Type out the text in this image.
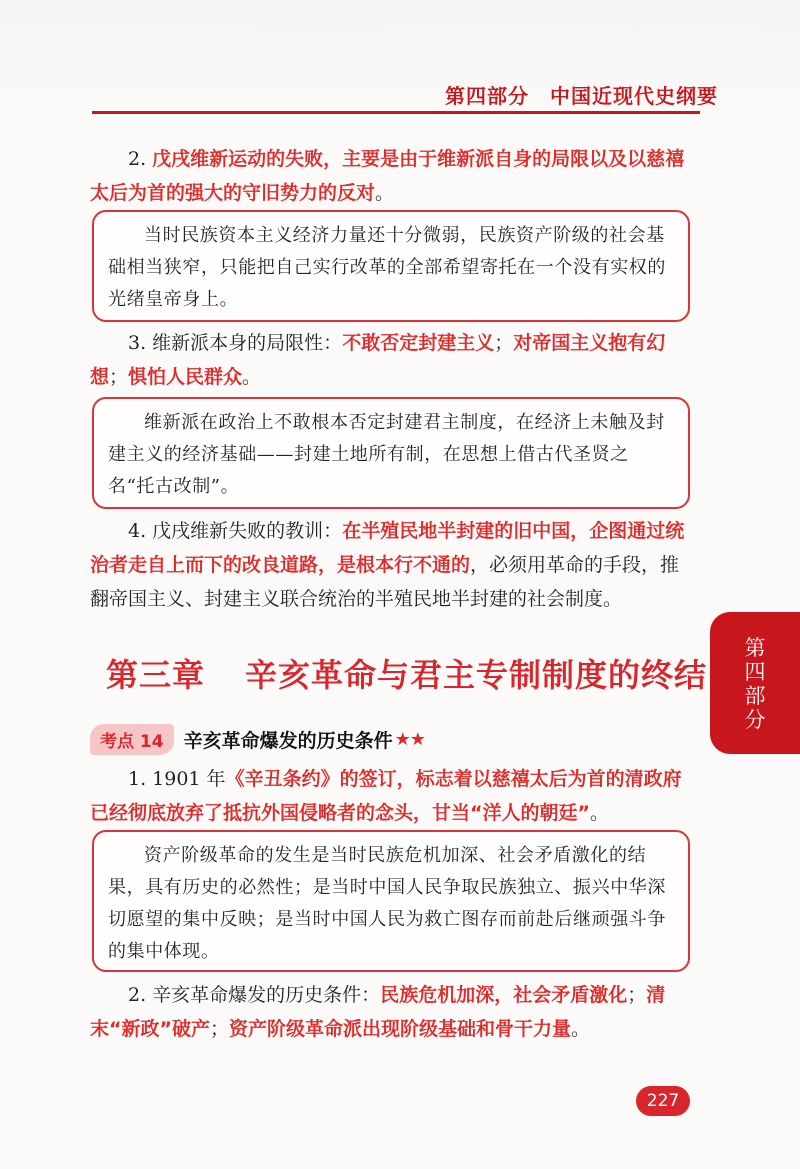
第四部分　中国近现代史纲要

2. 戊戌维新运动的失败，主要是由于维新派自身的局限以及以慈禧太后为首的强大的守旧势力的反对。

当时民族资本主义经济力量还十分微弱，民族资产阶级的社会基础相当狭窄，只能把自己实行改革的全部希望寄托在一个没有实权的光绪皇帝身上。

3. 维新派本身的局限性：不敢否定封建主义；对帝国主义抱有幻想；惧怕人民群众。

维新派在政治上不敢根本否定封建君主制度，在经济上未触及封建主义的经济基础——封建土地所有制，在思想上借古代圣贤之名“托古改制”。

4. 戊戌维新失败的教训：在半殖民地半封建的旧中国，企图通过统治者走自上而下的改良道路，是根本行不通的，必须用革命的手段，推翻帝国主义、封建主义联合统治的半殖民地半封建的社会制度。

第
四
部
分
第三章 辛亥革命与君主专制制度的终结
考点 14	辛亥革命爆发的历史条件 ★★

1. 1901 年《辛丑条约》的签订，标志着以慈禧太后为首的清政府已经彻底放弃了抵抗外国侵略者的念头，甘当“洋人的朝廷”。

资产阶级革命的发生是当时民族危机加深、社会矛盾激化的结果，具有历史的必然性；是当时中国人民争取民族独立、振兴中华深切愿望的集中反映；是当时中国人民为救亡图存而前赴后继顽强斗争的集中体现。

2. 辛亥革命爆发的历史条件：民族危机加深，社会矛盾激化；清末“新政”破产；资产阶级革命派出现阶级基础和骨干力量。

227
